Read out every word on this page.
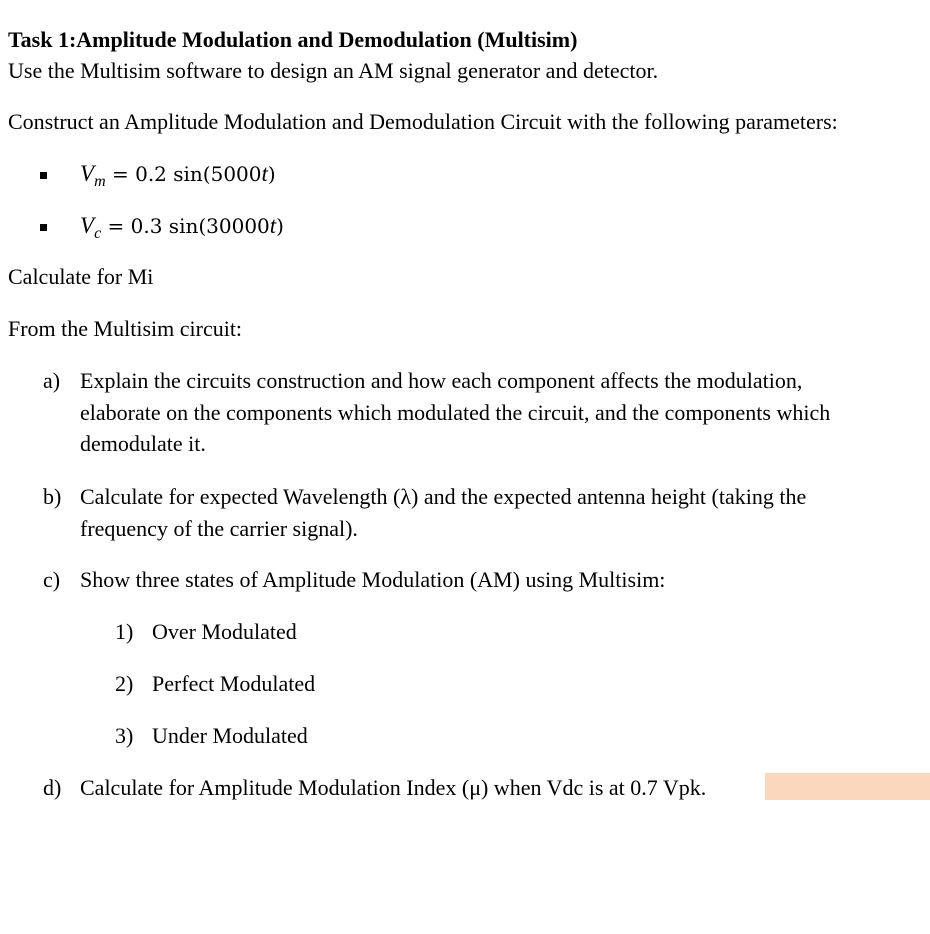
Task 1:Amplitude Modulation and Demodulation (Multisim)
Use the Multisim software to design an AM signal generator and detector.
Construct an Amplitude Modulation and Demodulation Circuit with the following parameters:
$V_m = 0.2$ sin(5000t)
$V_c = 0.3$ sin(30000t)
Calculate for Mi
From the Multisim circuit:
a) Explain the circuits construction and how each component affects the modulation,
elaborate on the components which modulated the circuit, and the components which
demodulate it.
b) Calculate for expected Wavelength (λ) and the expected antenna height (taking the
frequency of the carrier signal).
c) Show three states of Amplitude Modulation (AM) using Multisim:
1) Over Modulated
2) Perfect Modulated
3) Under Modulated
d) Calculate for Amplitude Modulation Index (μ) when Vdc is at 0.7 Vpk.
